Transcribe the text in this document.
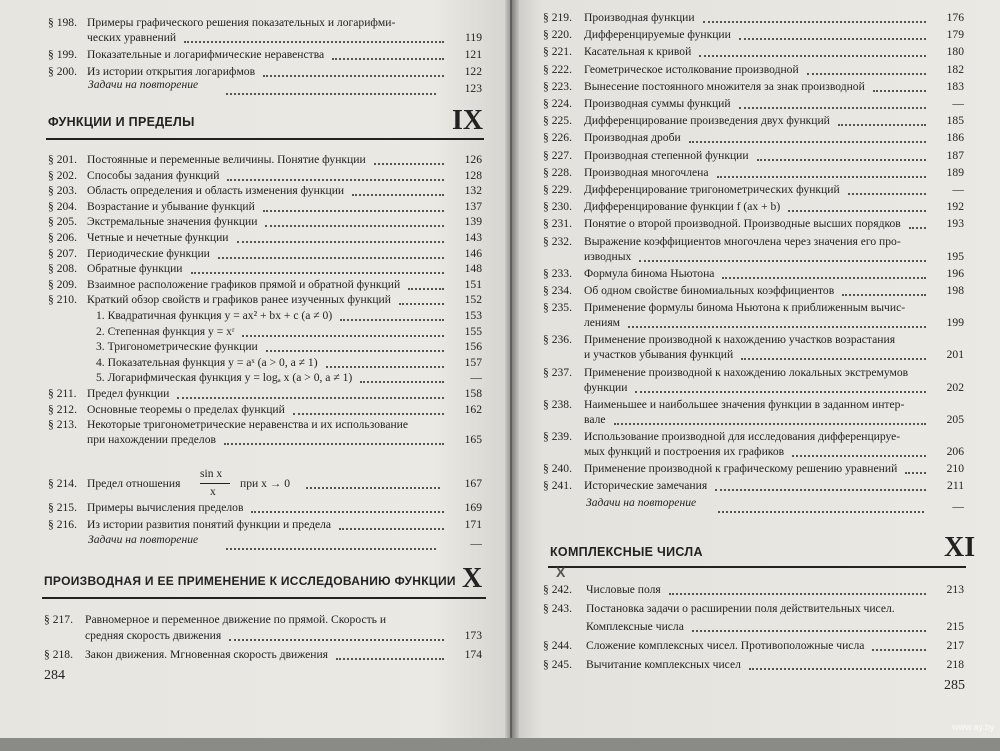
§ 198. Примеры графического решения показательных и логарифми-
ческих уравнений	119
§ 199. Показательные и логарифмические неравенства	121
§ 200. Из истории открытия логарифмов	122
Задачи на повторение	123
ФУНКЦИИ И ПРЕДЕЛЫ	IX
§ 201. Постоянные и переменные величины. Понятие функции	126
§ 202. Способы задания функций	128
§ 203. Область определения и область изменения функции	132
§ 204. Возрастание и убывание функций	137
§ 205. Экстремальные значения функции	139
§ 206. Четные и нечетные функции	143
§ 207. Периодические функции	146
§ 208. Обратные функции	148
§ 209. Взаимное расположение графиков прямой и обратной функций	151
§ 210. Краткий обзор свойств и графиков ранее изученных функций	152
1. Квадратичная функция y = ax² + bx + c (a ≠ 0)	153
2. Степенная функция y = xʳ	155
3. Тригонометрические функции	156
4. Показательная функция y = aˣ (a > 0, a ≠ 1)	157
5. Логарифмическая функция y = logₐ x (a > 0, a ≠ 1)	—
§ 211. Предел функции	158
§ 212. Основные теоремы о пределах функций	162
§ 213. Некоторые тригонометрические неравенства и их использование
при нахождении пределов	165
§ 214. Предел отношения
sin x
x
при x → 0	167
§ 215. Примеры вычисления пределов	169
§ 216. Из истории развития понятий функции и предела	171
Задачи на повторение	—
ПРОИЗВОДНАЯ И ЕЕ ПРИМЕНЕНИЕ К ИССЛЕДОВАНИЮ ФУНКЦИИ X
§ 217. Равномерное и переменное движение по прямой. Скорость и
средняя скорость движения	173
§ 218. Закон движения. Мгновенная скорость движения	174
284
§ 219. Производная функции	176
§ 220. Дифференцируемые функции	179
§ 221. Касательная к кривой	180
§ 222. Геометрическое истолкование производной	182
§ 223. Вынесение постоянного множителя за знак производной	183
§ 224. Производная суммы функций	—
§ 225. Дифференцирование произведения двух функций	185
§ 226. Производная дроби	186
§ 227. Производная степенной функции	187
§ 228. Производная многочлена	189
§ 229. Дифференцирование тригонометрических функций	—
§ 230. Дифференцирование функции f (ax + b)	192
§ 231. Понятие о второй производной. Производные высших порядков	193
§ 232. Выражение коэффициентов многочлена через значения его про-
изводных	195
§ 233. Формула бинома Ньютона	196
§ 234. Об одном свойстве биномиальных коэффициентов	198
§ 235. Применение формулы бинома Ньютона к приближенным вычис-
лениям	199
§ 236. Применение производной к нахождению участков возрастания
и участков убывания функций	201
§ 237. Применение производной к нахождению локальных экстремумов
функции	202
§ 238. Наименьшее и наибольшее значения функции в заданном интер-
вале	205
§ 239. Использование производной для исследования дифференцируе-
мых функций и построения их графиков	206
§ 240. Применение производной к графическому решению уравнений	210
§ 241. Исторические замечания	211
Задачи на повторение	—
КОМПЛЕКСНЫЕ ЧИСЛА	XI
X
§ 242. Числовые поля	213
§ 243. Постановка задачи о расширении поля действительных чисел.
Комплексные числа	215
§ 244. Сложение комплексных чисел. Противоположные числа	217
§ 245. Вычитание комплексных чисел	218
285
www.ay.by
